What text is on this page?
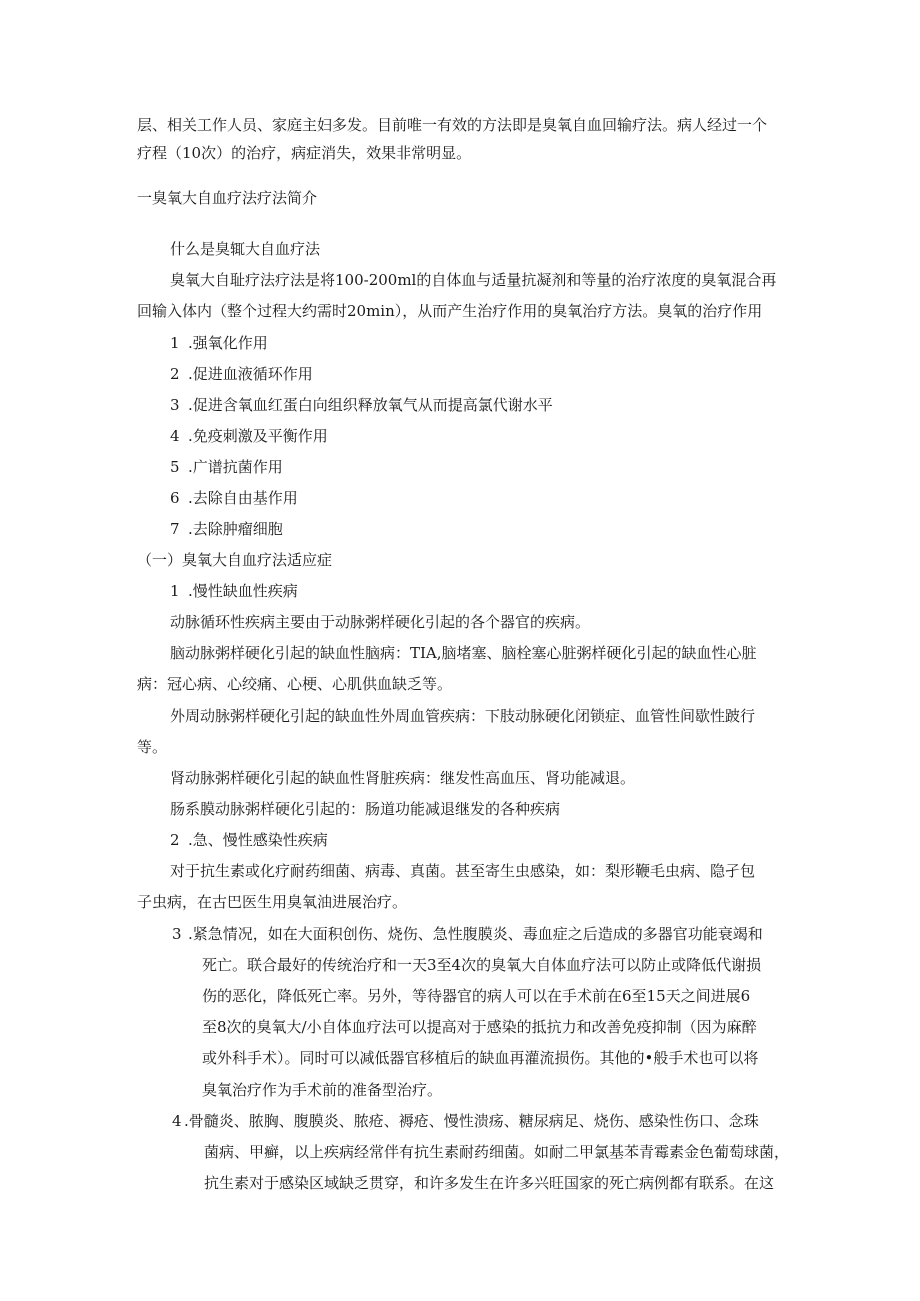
层、相关工作人员、家庭主妇多发。目前唯一有效的方法即是臭氧自血回输疗法。病人经过一个
疗程（10次）的治疗，病症消失，效果非常明显。
一臭氧大自血疗法疗法简介
什么是臭辄大自血疗法
臭氧大自耻疗法疗法是将100-200ml的自体血与适量抗凝剂和等量的治疗浓度的臭氧混合再
回输入体内（整个过程大约需时20min），从而产生治疗作用的臭氧治疗方法。臭氧的治疗作用
1 .强氧化作用
2 .促进血液循环作用
3 .促进含氧血红蛋白向组织释放氧气从而提高氯代谢水平
4 .免疫刺激及平衡作用
5 .广谱抗菌作用
6 .去除自由基作用
7 .去除肿瘤细胞
（一）臭氧大自血疗法适应症
1 .慢性缺血性疾病
动脉循环性疾病主要由于动脉粥样硬化引起的各个器官的疾病。
脑动脉粥样硬化引起的缺血性脑病：TIA,脑堵塞、脑栓塞心脏粥样硬化引起的缺血性心脏
病：冠心病、心绞痛、心梗、心肌供血缺乏等。
外周动脉粥样硬化引起的缺血性外周血管疾病：下肢动脉硬化闭锁症、血管性间歇性跛行
等。
肾动脉粥样硬化引起的缺血性肾脏疾病：继发性高血压、肾功能减退。
肠系膜动脉粥样硬化引起的：肠道功能减退继发的各种疾病
2 .急、慢性感染性疾病
对于抗生素或化疗耐药细菌、病毒、真菌。甚至寄生虫感染，如：梨形鞭毛虫病、隐孑包
子虫病，在古巴医生用臭氧油进展治疗。
3 .紧急情况，如在大面积创伤、烧伤、急性腹膜炎、毒血症之后造成的多器官功能衰竭和
死亡。联合最好的传统治疗和一天3至4次的臭氧大自体血疗法可以防止或降低代谢损
伤的恶化，降低死亡率。另外，等待器官的病人可以在手术前在6至15天之间进展6
至8次的臭氧大/小自体血疗法可以提高对于感染的抵抗力和改善免疫抑制（因为麻醉
或外科手术）。同时可以减低器官移植后的缺血再灌流损伤。其他的•般手术也可以将
臭氧治疗作为手术前的准备型治疗。
4 .骨髓炎、脓胸、腹膜炎、脓疮、褥疮、慢性溃疡、糖尿病足、烧伤、感染性伤口、念珠
菌病、甲癣，以上疾病经常伴有抗生素耐药细菌。如耐二甲氯基苯青霉素金色葡萄球菌，
抗生素对于感染区域缺乏贯穿，和许多发生在许多兴旺国家的死亡病例都有联系。在这
